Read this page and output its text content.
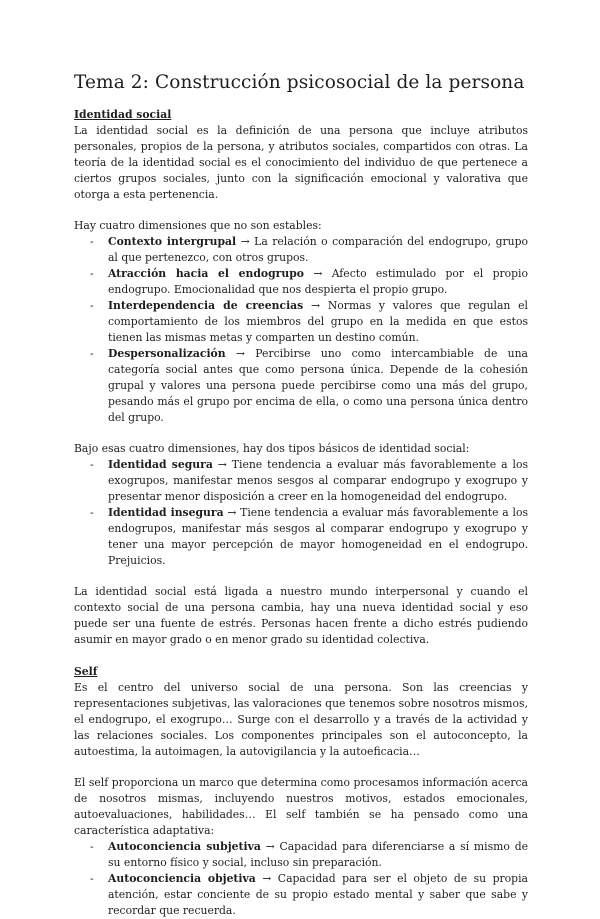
Tema 2: Construcción psicosocial de la persona
Identidad social

La identidad social es la definición de una persona que incluye atributos personales, propios de la persona, y atributos sociales, compartidos con otras. La teoría de la identidad social es el conocimiento del individuo de que pertenece a ciertos grupos sociales, junto con la significación emocional y valorativa que otorga a esta pertenencia.

Hay cuatro dimensiones que no son estables:

- Contexto intergrupal → La relación o comparación del endogrupo, grupo al que pertenezco, con otros grupos.
- Atracción hacia el endogrupo → Afecto estimulado por el propio endogrupo. Emocionalidad que nos despierta el propio grupo.
- Interdependencia de creencias → Normas y valores que regulan el comportamiento de los miembros del grupo en la medida en que estos tienen las mismas metas y comparten un destino común.
- Despersonalización → Percibirse uno como intercambiable de una categoría social antes que como persona única. Depende de la cohesión grupal y valores una persona puede percibirse como una más del grupo, pesando más el grupo por encima de ella, o como una persona única dentro del grupo.

Bajo esas cuatro dimensiones, hay dos tipos básicos de identidad social:

- Identidad segura → Tiene tendencia a evaluar más favorablemente a los exogrupos, manifestar menos sesgos al comparar endogrupo y exogrupo y presentar menor disposición a creer en la homogeneidad del endogrupo.
- Identidad insegura → Tiene tendencia a evaluar más favorablemente a los endogrupos, manifestar más sesgos al comparar endogrupo y exogrupo y tener una mayor percepción de mayor homogeneidad en el endogrupo. Prejuicios.

La identidad social está ligada a nuestro mundo interpersonal y cuando el contexto social de una persona cambia, hay una nueva identidad social y eso puede ser una fuente de estrés. Personas hacen frente a dicho estrés pudiendo asumir en mayor grado o en menor grado su identidad colectiva.

Self

Es el centro del universo social de una persona. Son las creencias y representaciones subjetivas, las valoraciones que tenemos sobre nosotros mismos, el endogrupo, el exogrupo… Surge con el desarrollo y a través de la actividad y las relaciones sociales. Los componentes principales son el autoconcepto, la autoestima, la autoimagen, la autovigilancia y la autoeficacia…

El self proporciona un marco que determina como procesamos información acerca de nosotros mismas, incluyendo nuestros motivos, estados emocionales, autoevaluaciones, habilidades… El self también se ha pensado como una característica adaptativa:

- Autoconciencia subjetiva → Capacidad para diferenciarse a sí mismo de su entorno físico y social, incluso sin preparación.
- Autoconciencia objetiva → Capacidad para ser el objeto de su propia atención, estar conciente de su propio estado mental y saber que sabe y recordar que recuerda.
